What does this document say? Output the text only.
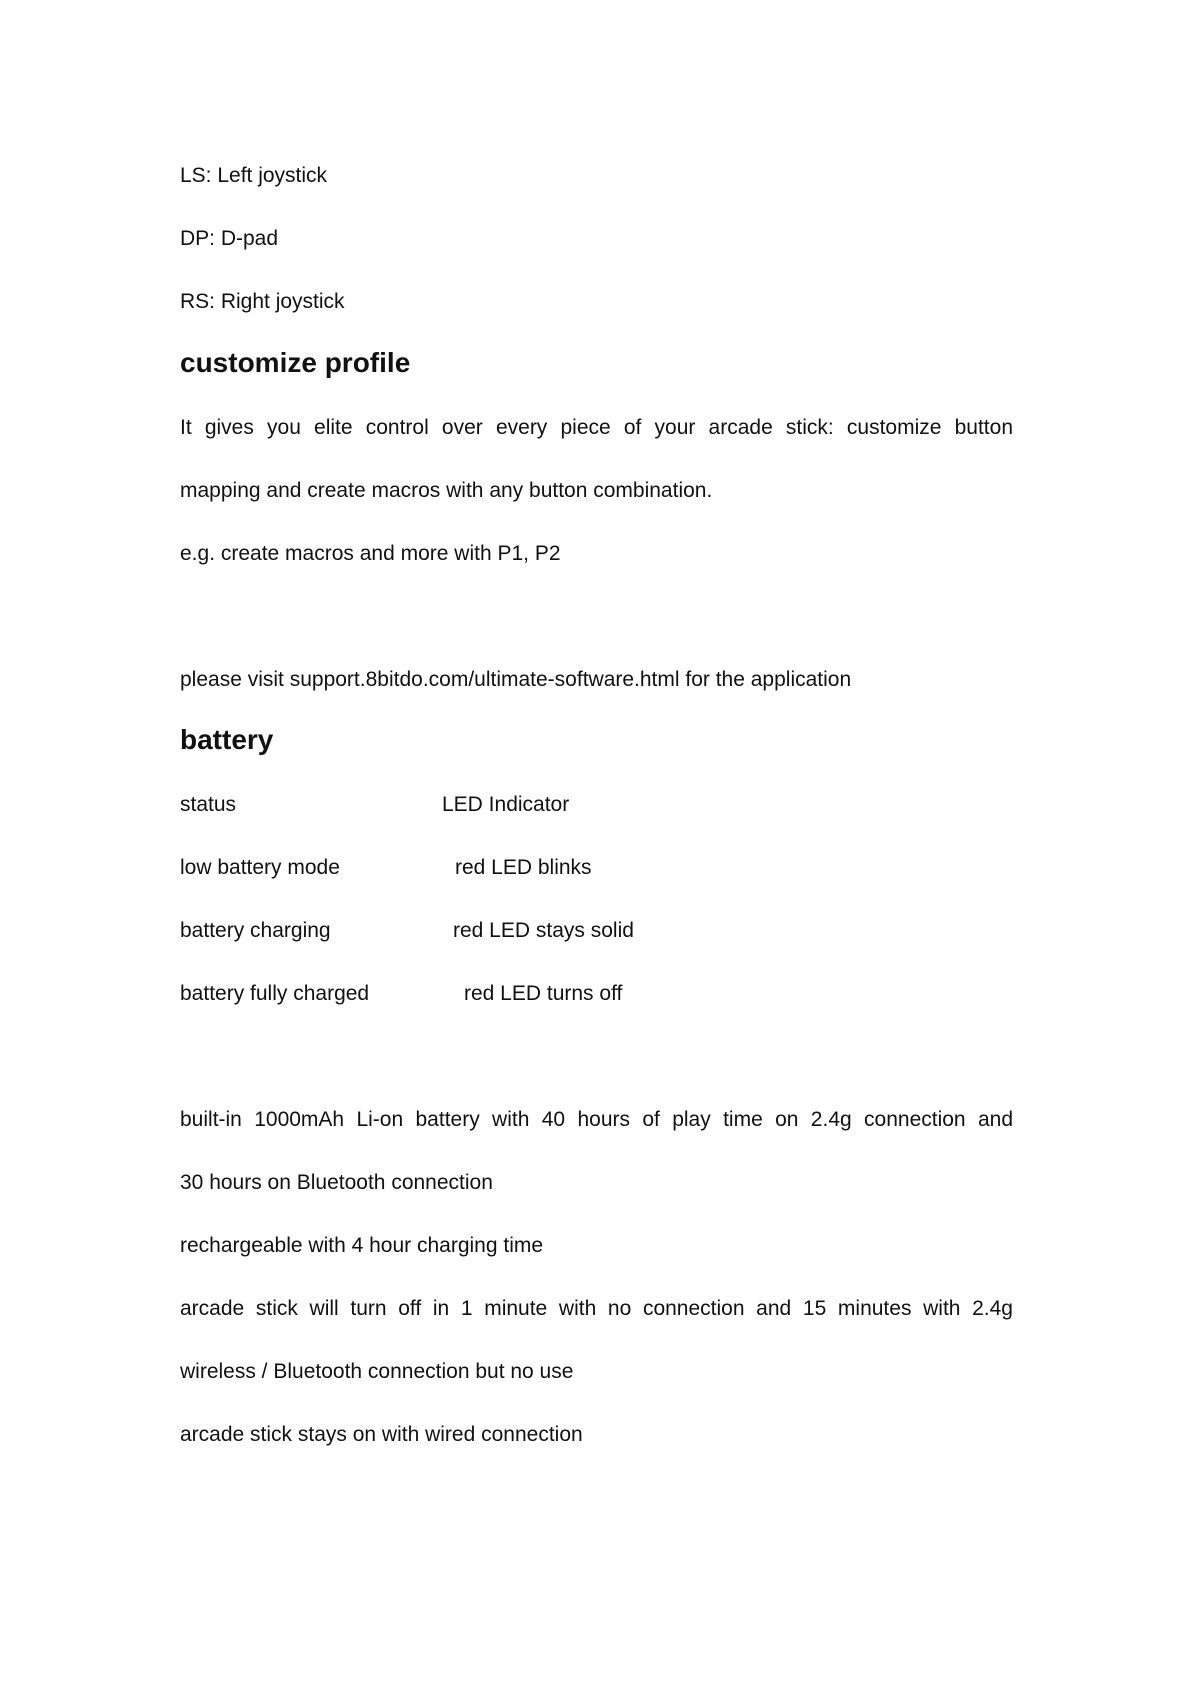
LS: Left joystick
DP: D-pad
RS: Right joystick
customize profile
It gives you elite control over every piece of your arcade stick: customize button
mapping and create macros with any button combination.
e.g. create macros and more with P1, P2
please visit support.8bitdo.com/ultimate-software.html for the application
battery
status	LED Indicator
low battery mode	red LED blinks
battery charging	red LED stays solid
battery fully charged	red LED turns off
built-in 1000mAh Li-on battery with 40 hours of play time on 2.4g connection and
30 hours on Bluetooth connection
rechargeable with 4 hour charging time
arcade stick will turn off in 1 minute with no connection and 15 minutes with 2.4g
wireless / Bluetooth connection but no use
arcade stick stays on with wired connection
